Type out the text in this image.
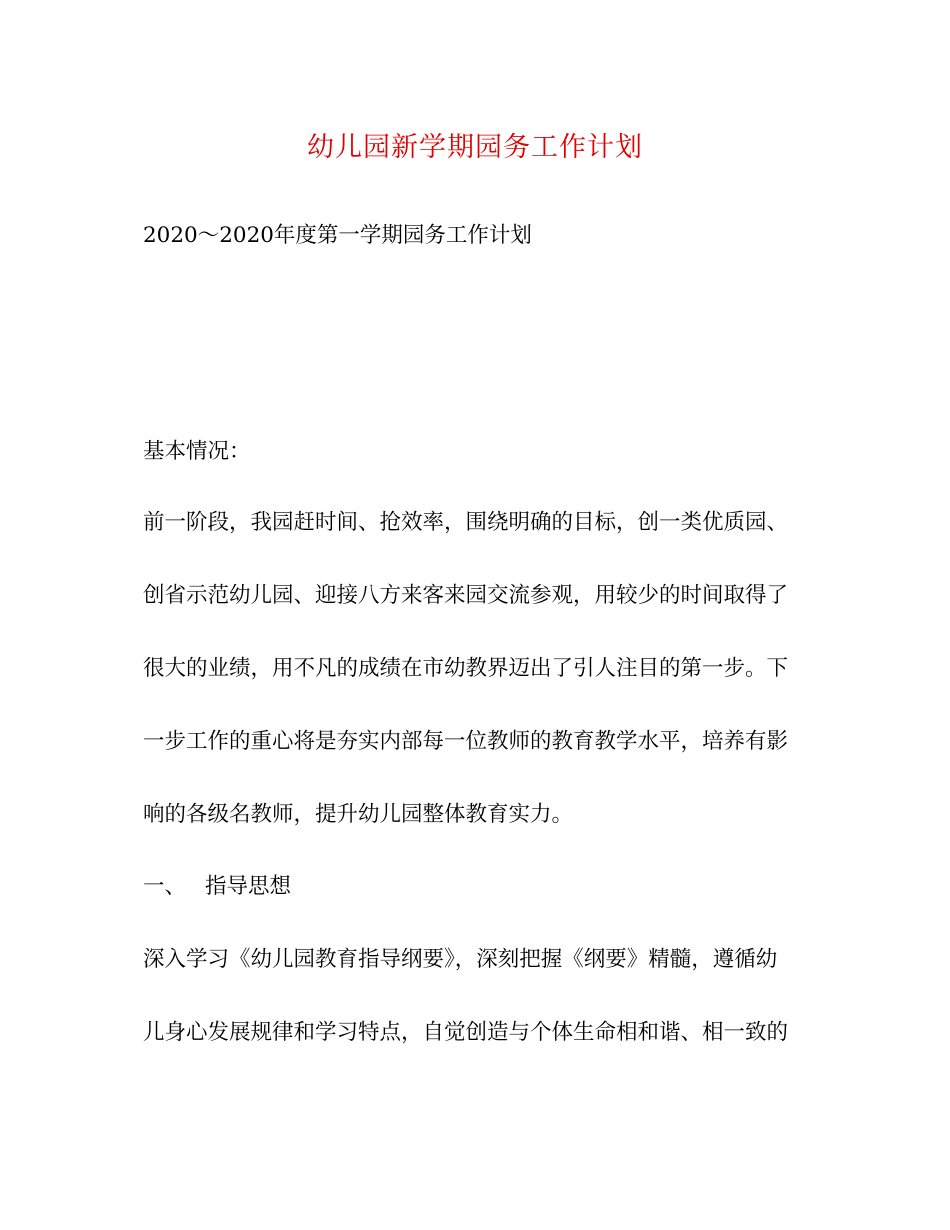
幼儿园新学期园务工作计划
2020～2020年度第一学期园务工作计划
基本情况：
前一阶段，我园赶时间、抢效率，围绕明确的目标，创一类优质园、
创省示范幼儿园、迎接八方来客来园交流参观，用较少的时间取得了
很大的业绩，用不凡的成绩在市幼教界迈出了引人注目的第一步。下
一步工作的重心将是夯实内部每一位教师的教育教学水平，培养有影
响的各级名教师，提升幼儿园整体教育实力。
一、 指导思想
深入学习《幼儿园教育指导纲要》，深刻把握《纲要》精髓，遵循幼
儿身心发展规律和学习特点，自觉创造与个体生命相和谐、相一致的
